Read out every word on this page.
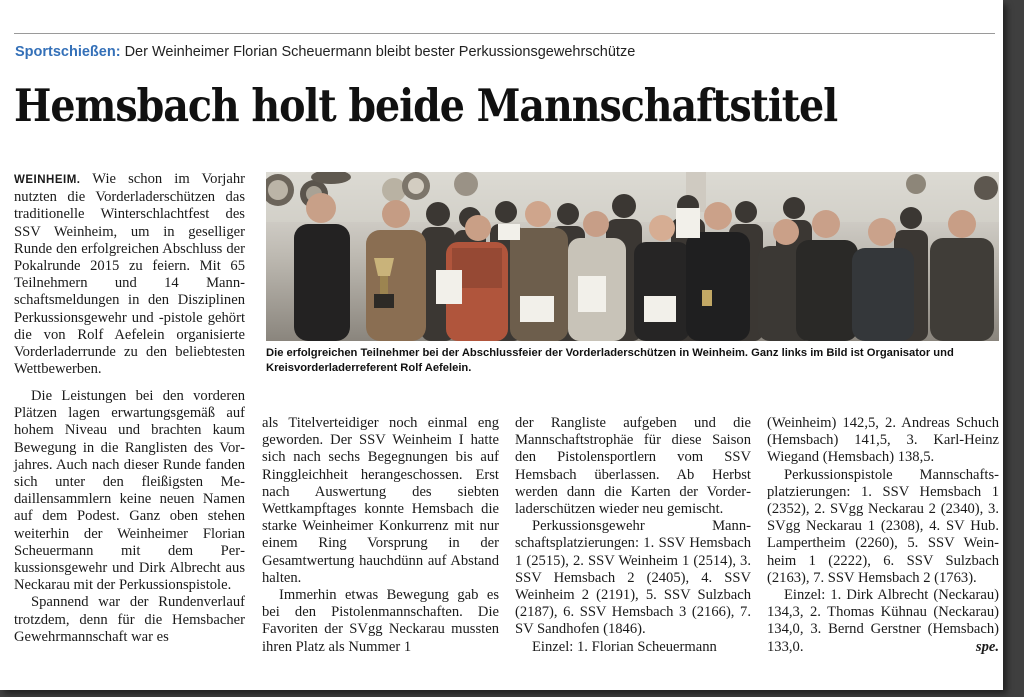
Sportschießen: Der Weinheimer Florian Scheuermann bleibt bester Perkussionsgewehrschütze
Hemsbach holt beide Mannschaftstitel

WEINHEIM. Wie schon im Vorjahr nutzten die Vorderladerschützen das traditionelle Winterschlachtfest des SSV Weinheim, um in geselliger Runde den erfolgreichen Abschluss der Pokalrunde 2015 zu feiern. Mit 65 Teilnehmern und 14 Mannschaftsmeldungen in den Disziplinen Perkussionsgewehr und -pistole gehört die von Rolf Aefelein organisierte Vorderladerrunde zu den beliebtesten Wettbewerben.

Die Leistungen bei den vorderen Plätzen lagen erwartungsgemäß auf hohem Niveau und brachten kaum Bewegung in die Ranglisten des Vorjahres. Auch nach dieser Runde fanden sich unter den fleißigsten Medaillensammlern keine neuen Namen auf dem Podest. Ganz oben stehen weiterhin der Weinheimer Florian Scheuermann mit dem Perkussionsgewehr und Dirk Albrecht aus Neckarau mit der Perkussionspistole.

Spannend war der Rundenverlauf trotzdem, denn für die Hemsbacher Gewehrmannschaft war es

Die erfolgreichen Teilnehmer bei der Abschlussfeier der Vorderladerschützen in Weinheim. Ganz links im Bild ist Organisator und Kreisvorderladerreferent Rolf Aefelein.

als Titelverteidiger noch einmal eng geworden. Der SSV Weinheim I hatte sich nach sechs Begegnungen bis auf Ringgleichheit herangeschossen. Erst nach Auswertung des siebten Wettkampftages konnte Hemsbach die starke Weinheimer Konkurrenz mit nur einem Ring Vorsprung in der Gesamtwertung hauchdünn auf Abstand halten.

Immerhin etwas Bewegung gab es bei den Pistolenmannschaften. Die Favoriten der SVgg Neckarau mussten ihren Platz als Nummer 1

der Rangliste aufgeben und die Mannschaftstrophäe für diese Saison den Pistolensportlern vom SSV Hemsbach überlassen. Ab Herbst werden dann die Karten der Vorderladerschützen wieder neu gemischt.

Perkussionsgewehr Mannschaftsplatzierungen: 1. SSV Hemsbach 1 (2515), 2. SSV Weinheim 1 (2514), 3. SSV Hemsbach 2 (2405), 4. SSV Weinheim 2 (2191), 5. SSV Sulzbach (2187), 6. SSV Hemsbach 3 (2166), 7. SV Sandhofen (1846).

Einzel: 1. Florian Scheuermann

(Weinheim) 142,5, 2. Andreas Schuch (Hemsbach) 141,5, 3. Karl-Heinz Wiegand (Hemsbach) 138,5.

Perkussionspistole Mannschaftsplatzierungen: 1. SSV Hemsbach 1 (2352), 2. SVgg Neckarau 2 (2340), 3. SVgg Neckarau 1 (2308), 4. SV Hub. Lampertheim (2260), 5. SSV Weinheim 1 (2222), 6. SSV Sulzbach (2163), 7. SSV Hemsbach 2 (1763).

Einzel: 1. Dirk Albrecht (Neckarau) 134,3, 2. Thomas Kühnau (Neckarau) 134,0, 3. Bernd Gerstner (Hemsbach) 133,0.	spe.
